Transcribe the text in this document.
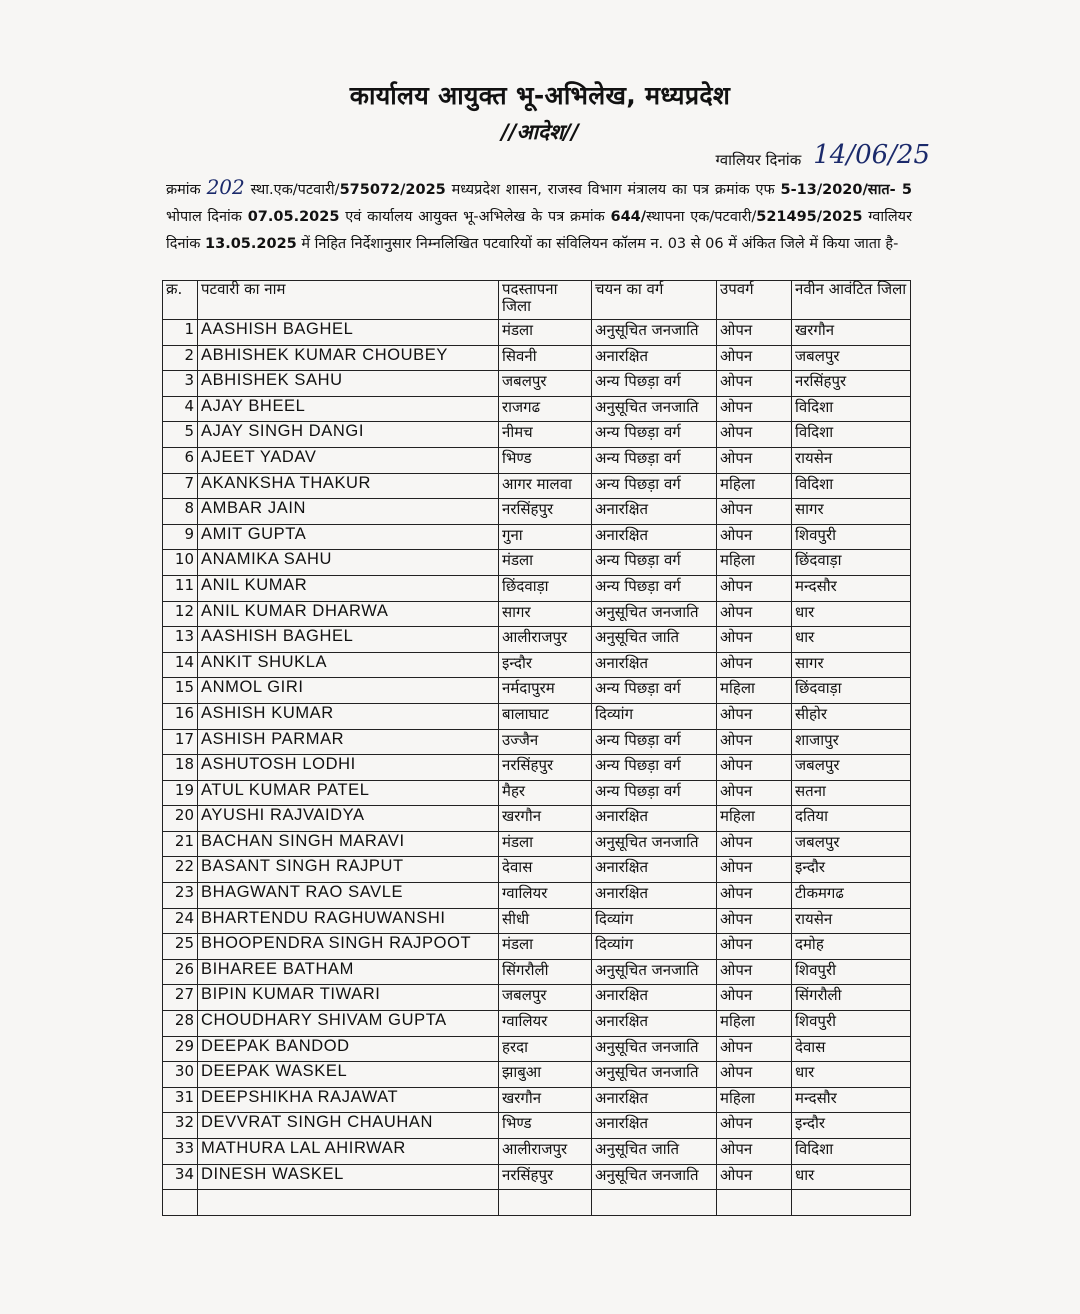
कार्यालय आयुक्त भू-अभिलेख, मध्यप्रदेश
//आदेश//
ग्वालियर दिनांक 14/06/25
क्रमांक 202 स्था.एक/पटवारी/575072/2025 मध्यप्रदेश शासन, राजस्व विभाग मंत्रालय का पत्र क्रमांक एफ 5-13/2020/सात- 5 भोपाल दिनांक 07.05.2025 एवं कार्यालय आयुक्त भू-अभिलेख के पत्र क्रमांक 644/स्थापना एक/पटवारी/521495/2025 ग्वालियर दिनांक 13.05.2025 में निहित निर्देशानुसार निम्नलिखित पटवारियों का संविलियन कॉलम न. 03 से 06 में अंकित जिले में किया जाता है-
क्र.	पटवारी का नाम	पदस्तापना जिला	चयन का वर्ग	उपवर्ग	नवीन आवंटित जिला
1	AASHISH BAGHEL	मंडला	अनुसूचित जनजाति	ओपन	खरगौन
2	ABHISHEK KUMAR CHOUBEY	सिवनी	अनारक्षित	ओपन	जबलपुर
3	ABHISHEK SAHU	जबलपुर	अन्य पिछड़ा वर्ग	ओपन	नरसिंहपुर
4	AJAY BHEEL	राजगढ	अनुसूचित जनजाति	ओपन	विदिशा
5	AJAY SINGH DANGI	नीमच	अन्य पिछड़ा वर्ग	ओपन	विदिशा
6	AJEET YADAV	भिण्ड	अन्य पिछड़ा वर्ग	ओपन	रायसेन
7	AKANKSHA THAKUR	आगर मालवा	अन्य पिछड़ा वर्ग	महिला	विदिशा
8	AMBAR JAIN	नरसिंहपुर	अनारक्षित	ओपन	सागर
9	AMIT GUPTA	गुना	अनारक्षित	ओपन	शिवपुरी
10	ANAMIKA SAHU	मंडला	अन्य पिछड़ा वर्ग	महिला	छिंदवाड़ा
11	ANIL KUMAR	छिंदवाड़ा	अन्य पिछड़ा वर्ग	ओपन	मन्दसौर
12	ANIL KUMAR DHARWA	सागर	अनुसूचित जनजाति	ओपन	धार
13	AASHISH BAGHEL	आलीराजपुर	अनुसूचित जाति	ओपन	धार
14	ANKIT SHUKLA	इन्दौर	अनारक्षित	ओपन	सागर
15	ANMOL GIRI	नर्मदापुरम	अन्य पिछड़ा वर्ग	महिला	छिंदवाड़ा
16	ASHISH KUMAR	बालाघाट	दिव्यांग	ओपन	सीहोर
17	ASHISH PARMAR	उज्जैन	अन्य पिछड़ा वर्ग	ओपन	शाजापुर
18	ASHUTOSH LODHI	नरसिंहपुर	अन्य पिछड़ा वर्ग	ओपन	जबलपुर
19	ATUL KUMAR PATEL	मैहर	अन्य पिछड़ा वर्ग	ओपन	सतना
20	AYUSHI RAJVAIDYA	खरगौन	अनारक्षित	महिला	दतिया
21	BACHAN SINGH MARAVI	मंडला	अनुसूचित जनजाति	ओपन	जबलपुर
22	BASANT SINGH RAJPUT	देवास	अनारक्षित	ओपन	इन्दौर
23	BHAGWANT RAO SAVLE	ग्वालियर	अनारक्षित	ओपन	टीकमगढ
24	BHARTENDU RAGHUWANSHI	सीधी	दिव्यांग	ओपन	रायसेन
25	BHOOPENDRA SINGH RAJPOOT	मंडला	दिव्यांग	ओपन	दमोह
26	BIHAREE BATHAM	सिंगरौली	अनुसूचित जनजाति	ओपन	शिवपुरी
27	BIPIN KUMAR TIWARI	जबलपुर	अनारक्षित	ओपन	सिंगरौली
28	CHOUDHARY SHIVAM GUPTA	ग्वालियर	अनारक्षित	महिला	शिवपुरी
29	DEEPAK BANDOD	हरदा	अनुसूचित जनजाति	ओपन	देवास
30	DEEPAK WASKEL	झाबुआ	अनुसूचित जनजाति	ओपन	धार
31	DEEPSHIKHA RAJAWAT	खरगौन	अनारक्षित	महिला	मन्दसौर
32	DEVVRAT SINGH CHAUHAN	भिण्ड	अनारक्षित	ओपन	इन्दौर
33	MATHURA LAL AHIRWAR	आलीराजपुर	अनुसूचित जाति	ओपन	विदिशा
34	DINESH WASKEL	नरसिंहपुर	अनुसूचित जनजाति	ओपन	धार
